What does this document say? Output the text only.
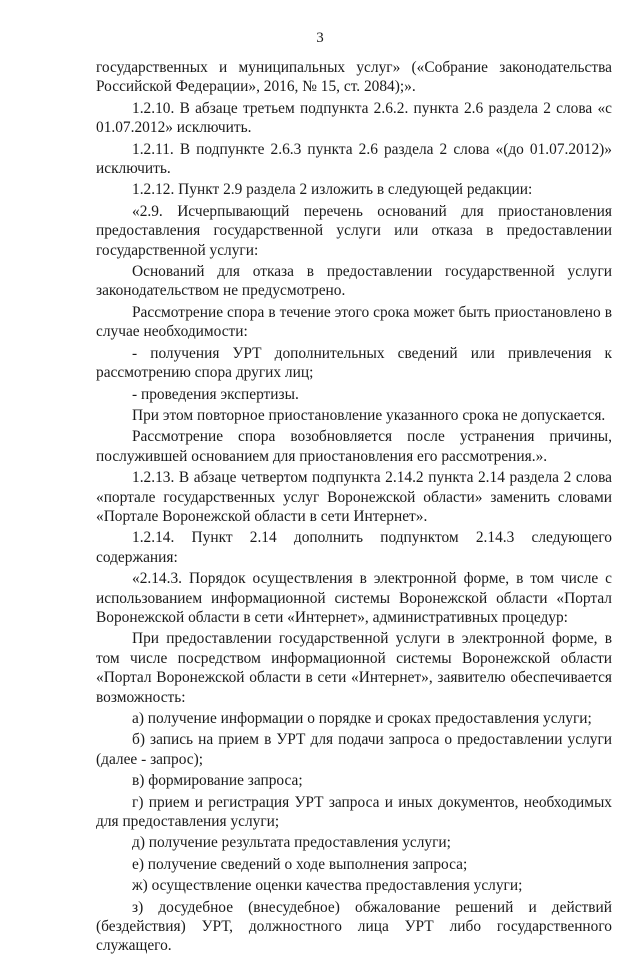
3

государственных и муниципальных услуг» («Собрание законодательства Российской Федерации», 2016, № 15, ст. 2084);».

1.2.10. В абзаце третьем подпункта 2.6.2. пункта 2.6 раздела 2 слова «с 01.07.2012» исключить.

1.2.11. В подпункте 2.6.3 пункта 2.6 раздела 2 слова «(до 01.07.2012)» исключить.

1.2.12. Пункт 2.9 раздела 2 изложить в следующей редакции:

«2.9. Исчерпывающий перечень оснований для приостановления предоставления государственной услуги или отказа в предоставлении государственной услуги:

Оснований для отказа в предоставлении государственной услуги законодательством не предусмотрено.

Рассмотрение спора в течение этого срока может быть приостановлено в случае необходимости:

- получения УРТ дополнительных сведений или привлечения к рассмотрению спора других лиц;

- проведения экспертизы.

При этом повторное приостановление указанного срока не допускается.

Рассмотрение спора возобновляется после устранения причины, послужившей основанием для приостановления его рассмотрения.».

1.2.13. В абзаце четвертом подпункта 2.14.2 пункта 2.14 раздела 2 слова «портале государственных услуг Воронежской области» заменить словами «Портале Воронежской области в сети Интернет».

1.2.14. Пункт 2.14 дополнить подпунктом 2.14.3 следующего содержания:

«2.14.3. Порядок осуществления в электронной форме, в том числе с использованием информационной системы Воронежской области «Портал Воронежской области в сети «Интернет», административных процедур:

При предоставлении государственной услуги в электронной форме, в том числе посредством информационной системы Воронежской области «Портал Воронежской области в сети «Интернет», заявителю обеспечивается возможность:

а) получение информации о порядке и сроках предоставления услуги;

б) запись на прием в УРТ для подачи запроса о предоставлении услуги (далее - запрос);

в) формирование запроса;

г) прием и регистрация УРТ запроса и иных документов, необходимых для предоставления услуги;

д) получение результата предоставления услуги;

е) получение сведений о ходе выполнения запроса;

ж) осуществление оценки качества предоставления услуги;

з) досудебное (внесудебное) обжалование решений и действий (бездействия) УРТ, должностного лица УРТ либо государственного служащего.
